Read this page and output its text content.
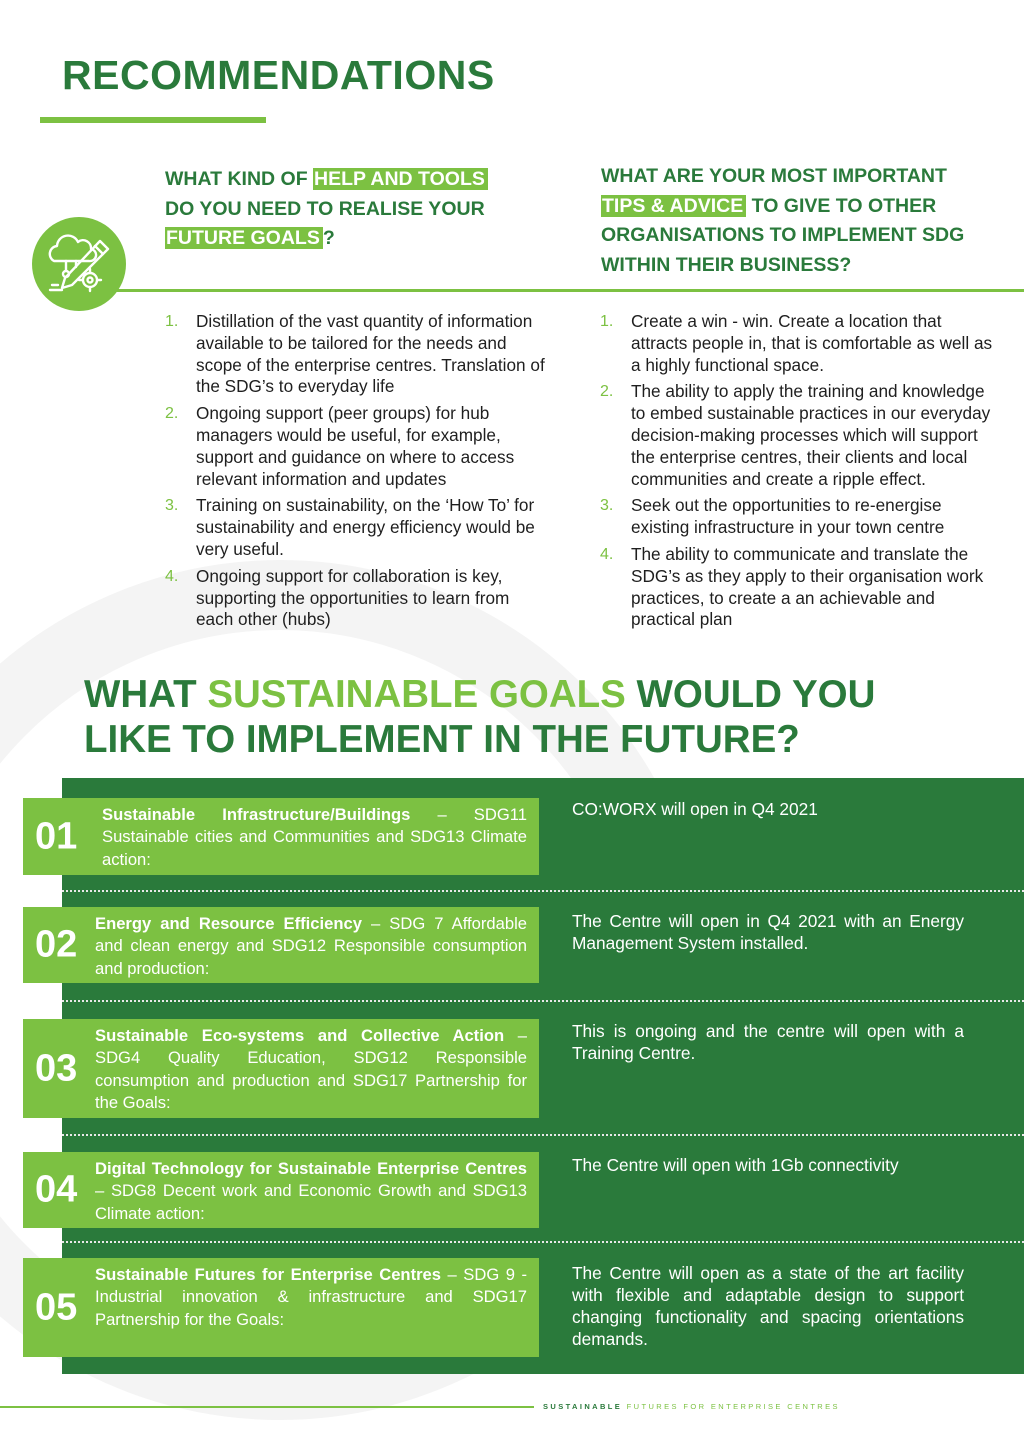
RECOMMENDATIONS
WHAT KIND OF HELP AND TOOLS
DO YOU NEED TO REALISE YOUR
FUTURE GOALS ?
WHAT ARE YOUR MOST IMPORTANT
TIPS & ADVICE TO GIVE TO OTHER
ORGANISATIONS TO IMPLEMENT SDG
WITHIN THEIR BUSINESS?
1. Distillation of the vast quantity of information available to be tailored for the needs and scope of the enterprise centres. Translation of the SDG’s to everyday life
2. Ongoing support (peer groups) for hub managers would be useful, for example, support and guidance on where to access relevant information and updates
3. Training on sustainability, on the ‘How To’ for sustainability and energy efficiency would be very useful.
4. Ongoing support for collaboration is key, supporting the opportunities to learn from each other (hubs)
1. Create a win - win. Create a location that attracts people in, that is comfortable as well as a highly functional space.
2. The ability to apply the training and knowledge to embed sustainable practices in our everyday decision-making processes which will support the enterprise centres, their clients and local communities and create a ripple effect.
3. Seek out the opportunities to re-energise existing infrastructure in your town centre
4. The ability to communicate and translate the SDG’s as they apply to their organisation work practices, to create a an achievable and practical plan
WHAT SUSTAINABLE GOALS WOULD YOU
LIKE TO IMPLEMENT IN THE FUTURE?
01
Sustainable Infrastructure/Buildings – SDG11 Sustainable cities and Communities and SDG13 Climate action:
CO:WORX will open in Q4 2021
02 Energy and Resource Efficiency – SDG 7 Affordable and clean energy and SDG12 Responsible consumption and production:
The Centre will open in Q4 2021 with an Energy Management System installed.
03
Sustainable Eco-systems and Collective Action – SDG4 Quality Education, SDG12 Responsible consumption and production and SDG17 Partnership for the Goals:
This is ongoing and the centre will open with a Training Centre.
04 Digital Technology for Sustainable Enterprise Centres – SDG8 Decent work and Economic Growth and SDG13 Climate action:
The Centre will open with 1Gb connectivity
05
Sustainable Futures for Enterprise Centres – SDG 9 -Industrial innovation & infrastructure and SDG17 Partnership for the Goals:
The Centre will open as a state of the art facility with flexible and adaptable design to support changing functionality and spacing orientations demands.
SUSTAINABLE FUTURES FOR ENTERPRISE CENTRES
